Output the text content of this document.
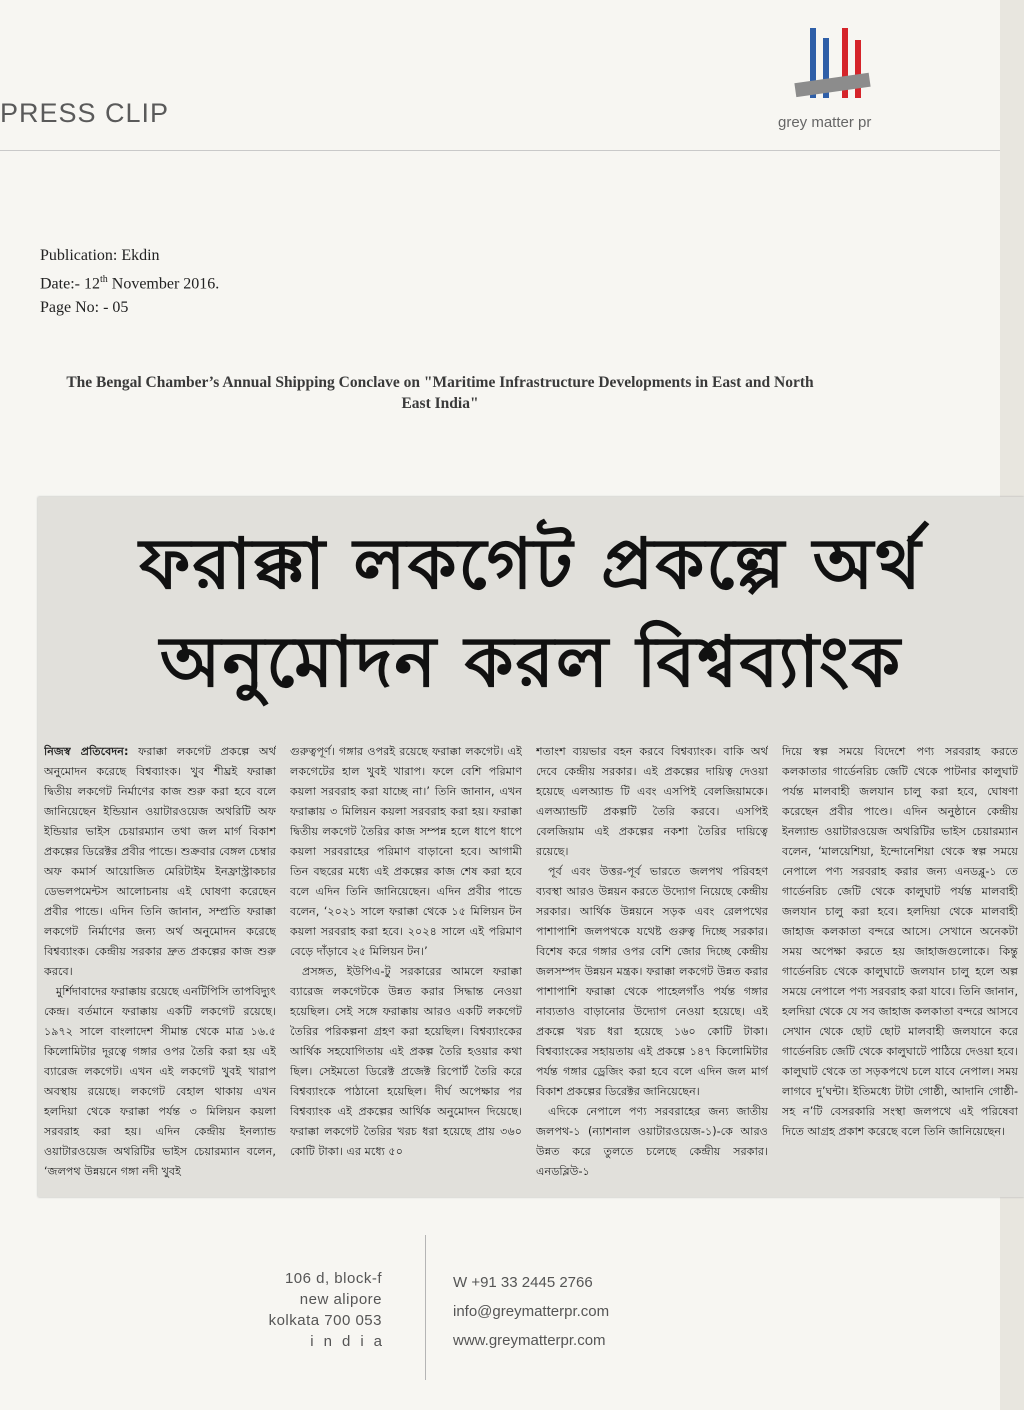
PRESS CLIP	grey matter pr
Publication: Ekdin
Date:- 12th November 2016.
Page No: - 05
The Bengal Chamber’s Annual Shipping Conclave on "Maritime Infrastructure Developments in East and North East India"
ফরাক্কা লকগেট প্রকল্পে অর্থ
অনুমোদন করল বিশ্বব্যাংক

নিজস্ব প্রতিবেদন: ফরাক্কা লকগেট প্রকল্পে অর্থ অনুমোদন করেছে বিশ্বব্যাংক। খুব শীঘ্রই ফরাক্কা দ্বিতীয় লকগেট নির্মাণের কাজ শুরু করা হবে বলে জানিয়েছেন ইন্ডিয়ান ওয়াটারওয়েজ অথরিটি অফ ইন্ডিয়ার ভাইস চেয়ারম্যান তথা জল মার্গ বিকাশ প্রকল্পের ডিরেক্টর প্রবীর পান্ডে। শুক্রবার বেঙ্গল চেম্বার অফ কমার্স আয়োজিত মেরিটাইম ইনফ্রাস্ট্রাকচার ডেভলপমেন্টস আলোচনায় এই ঘোষণা করেছেন প্রবীর পান্ডে। এদিন তিনি জানান, সম্প্রতি ফরাক্কা লকগেট নির্মাণের জন্য অর্থ অনুমোদন করেছে বিশ্বব্যাংক। কেন্দ্রীয় সরকার দ্রুত প্রকল্পের কাজ শুরু করবে।

মুর্শিদাবাদের ফরাক্কায় রয়েছে এনটিপিসি তাপবিদ্যুৎ কেন্দ্র। বর্তমানে ফরাক্কায় একটি লকগেট রয়েছে। ১৯৭২ সালে বাংলাদেশ সীমান্ত থেকে মাত্র ১৬.৫ কিলোমিটার দূরত্বে গঙ্গার ওপর তৈরি করা হয় এই ব্যারেজ লকগেট। এখন এই লকগেট খুবই খারাপ অবস্থায় রয়েছে। লকগেট বেহাল থাকায় এখন হলদিয়া থেকে ফরাক্কা পর্যন্ত ৩ মিলিয়ন কয়লা সরবরাহ করা হয়। এদিন কেন্দ্রীয় ইনল্যান্ড ওয়াটারওয়েজ অথরিটির ভাইস চেয়ারম্যান বলেন, ‘জলপথ উন্নয়নে গঙ্গা নদী খুবই

গুরুত্বপূর্ণ। গঙ্গার ওপরই রয়েছে ফরাক্কা লকগেট। এই লকগেটের হাল খুবই খারাপ। ফলে বেশি পরিমাণ কয়লা সরবরাহ করা যাচ্ছে না।’ তিনি জানান, এখন ফরাক্কায় ৩ মিলিয়ন কয়লা সরবরাহ করা হয়। ফরাক্কা দ্বিতীয় লকগেট তৈরির কাজ সম্পন্ন হলে ধাপে ধাপে কয়লা সরবরাহের পরিমাণ বাড়ানো হবে। আগামী তিন বছরের মধ্যে এই প্রকল্পের কাজ শেষ করা হবে বলে এদিন তিনি জানিয়েছেন। এদিন প্রবীর পান্ডে বলেন, ‘২০২১ সালে ফরাক্কা থেকে ১৫ মিলিয়ন টন কয়লা সরবরাহ করা হবে। ২০২৪ সালে এই পরিমাণ বেড়ে দাঁড়াবে ২৫ মিলিয়ন টন।’

প্রসঙ্গত, ইউপিএ-টু সরকারের আমলে ফরাক্কা ব্যারেজ লকগেটকে উন্নত করার সিদ্ধান্ত নেওয়া হয়েছিল। সেই সঙ্গে ফরাক্কায় আরও একটি লকগেট তৈরির পরিকল্পনা গ্রহণ করা হয়েছিল। বিশ্বব্যাংকের আর্থিক সহযোগিতায় এই প্রকল্প তৈরি হওয়ার কথা ছিল। সেইমতো ডিরেক্ট প্রজেক্ট রিপোর্ট তৈরি করে বিশ্বব্যাংকে পাঠানো হয়েছিল। দীর্ঘ অপেক্ষার পর বিশ্বব্যাংক এই প্রকল্পের আর্থিক অনুমোদন দিয়েছে। ফরাক্কা লকগেট তৈরির খরচ ধরা হয়েছে প্রায় ৩৬০ কোটি টাকা। এর মধ্যে ৫০

শতাংশ ব্যয়ভার বহন করবে বিশ্বব্যাংক। বাকি অর্থ দেবে কেন্দ্রীয় সরকার। এই প্রকল্পের দায়িত্ব দেওয়া হয়েছে এলঅ্যান্ড টি এবং এসপিই বেলজিয়ামকে। এলঅ্যান্ডটি প্রকল্পটি তৈরি করবে। এসপিই বেলজিয়াম এই প্রকল্পের নকশা তৈরির দায়িত্বে রয়েছে।

পূর্ব এবং উত্তর-পূর্ব ভারতে জলপথ পরিবহণ ব্যবস্থা আরও উন্নয়ন করতে উদ্যোগ নিয়েছে কেন্দ্রীয় সরকার। আর্থিক উন্নয়নে সড়ক এবং রেলপথের পাশাপাশি জলপথকে যথেষ্ট গুরুত্ব দিচ্ছে সরকার। বিশেষ করে গঙ্গার ওপর বেশি জোর দিচ্ছে কেন্দ্রীয় জলসম্পদ উন্নয়ন মন্ত্রক। ফরাক্কা লকগেট উন্নত করার পাশাপাশি ফরাক্কা থেকে পাহেলগাঁও পর্যন্ত গঙ্গার নাব্যতাও বাড়ানোর উদ্যোগ নেওয়া হয়েছে। এই প্রকল্পে খরচ ধরা হয়েছে ১৬০ কোটি টাকা। বিশ্বব্যাংকের সহায়তায় এই প্রকল্পে ১৪৭ কিলোমিটার পর্যন্ত গঙ্গার ড্রেজিং করা হবে বলে এদিন জল মার্গ বিকাশ প্রকল্পের ডিরেক্টর জানিয়েছেন।

এদিকে নেপালে পণ্য সরবরাহের জন্য জাতীয় জলপথ-১ (ন্যাশনাল ওয়াটারওয়েজ-১)-কে আরও উন্নত করে তুলতে চলেছে কেন্দ্রীয় সরকার। এনডব্লিউ-১

দিয়ে স্বল্প সময়ে বিদেশে পণ্য সরবরাহ করতে কলকাতার গার্ডেনরিচ জেটি থেকে পাটনার কালুঘাট পর্যন্ত মালবাহী জলযান চালু করা হবে, ঘোষণা করেছেন প্রবীর পাণ্ডে। এদিন অনুষ্ঠানে কেন্দ্রীয় ইনল্যান্ড ওয়াটারওয়েজ অথরিটির ভাইস চেয়ারম্যান বলেন, ‘মালয়েশিয়া, ইন্দোনেশিয়া থেকে স্বল্প সময়ে নেপালে পণ্য সরবরাহ করার জন্য এনডব্লু-১ তে গার্ডেনরিচ জেটি থেকে কালুঘাট পর্যন্ত মালবাহী জলযান চালু করা হবে। হলদিয়া থেকে মালবাহী জাহাজ কলকাতা বন্দরে আসে। সেখানে অনেকটা সময় অপেক্ষা করতে হয় জাহাজগুলোকে। কিন্তু গার্ডেনরিচ থেকে কালুঘাটে জলযান চালু হলে অল্প সময়ে নেপালে পণ্য সরবরাহ করা যাবে। তিনি জানান, হলদিয়া থেকে যে সব জাহাজ কলকাতা বন্দরে আসবে সেখান থেকে ছোট ছোট মালবাহী জলযানে করে গার্ডেনরিচ জেটি থেকে কালুঘাটে পাঠিয়ে দেওয়া হবে। কালুঘাট থেকে তা সড়কপথে চলে যাবে নেপাল। সময় লাগবে দু’ঘন্টা। ইতিমধ্যে টাটা গোষ্ঠী, আদানি গোষ্ঠী-সহ ন’টি বেসরকারি সংস্থা জলপথে এই পরিষেবা দিতে আগ্রহ প্রকাশ করেছে বলে তিনি জানিয়েছেন।

106 d, block-f
new alipore
kolkata 700 053
india
W +91 33 2445 2766
info@greymatterpr.com
www.greymatterpr.com
